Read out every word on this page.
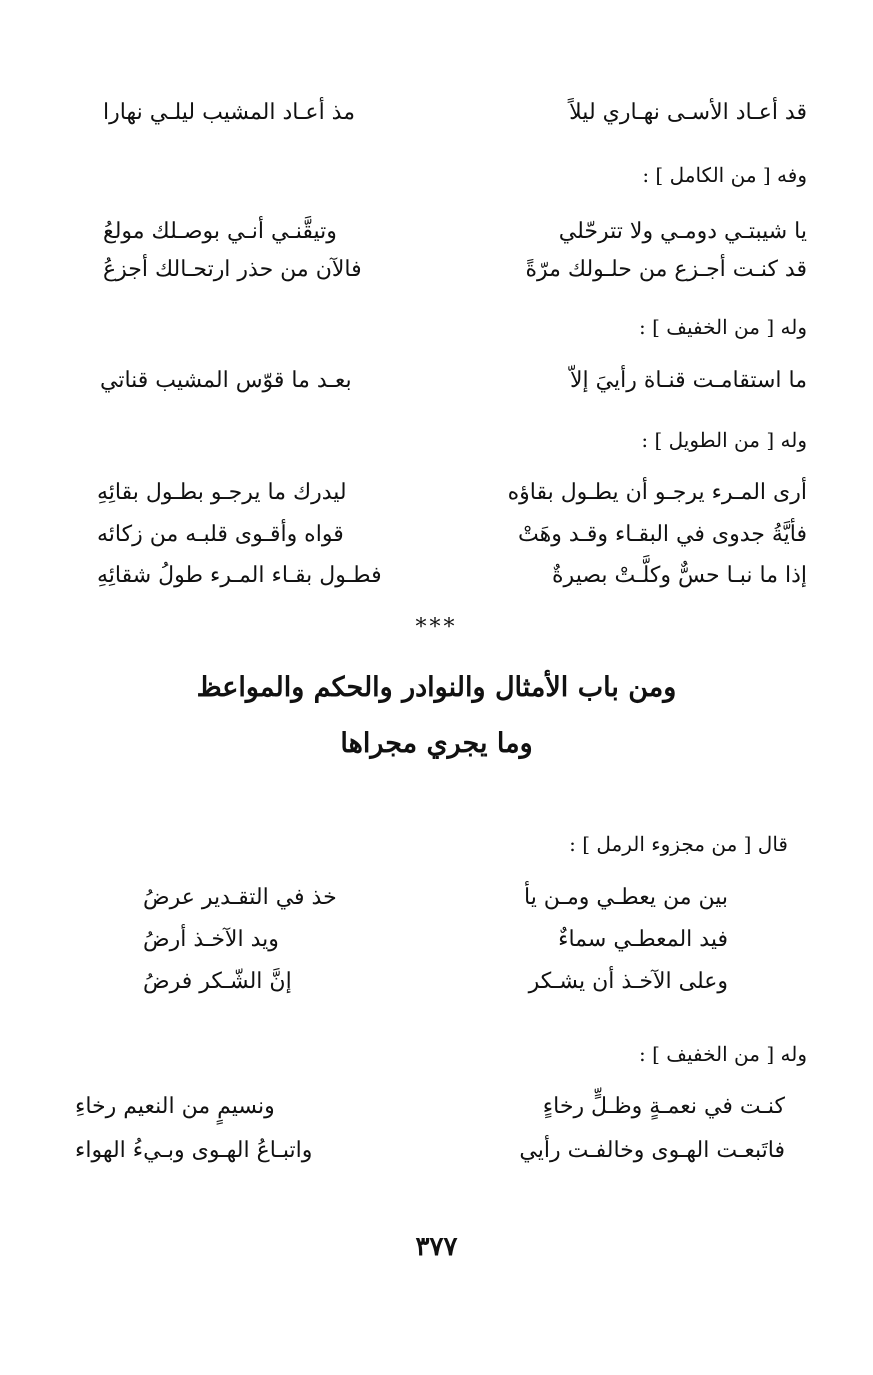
قد أعـاد الأسـى نهـاري ليلاً
مذ أعـاد المشيب ليلـي نهارا
وفه [ من الكامل ] :
يا شيبتـي دومـي ولا تترحّلي
وتيقَّنـي أنـي بوصـلك مولعُ
قد كنـت أجـزع من حلـولك مرّةً
فالآن من حذر ارتحـالك أجزعُ
وله [ من الخفيف ] :
ما استقامـت قنـاة رأييَ إلاّ
بعـد ما قوّس المشيب قناتي
وله [ من الطويل ] :
أرى المـرء يرجـو أن يطـول بقاؤه
ليدرك ما يرجـو بطـول بقائِهِ
فأيَّةُ جدوى في البقـاء وقـد وهَتْ
قواه وأقـوى قلبـه من زكائه
إذا ما نبـا حسٌّ وكلَّـتْ بصيرةٌ
فطـول بقـاء المـرء طولُ شقائِهِ
***
ومن باب الأمثال والنوادر والحكم والمواعظ
وما يجري مجراها
قال [ من مجزوء الرمل ] :
بين من يعطـي ومـن يأ
خذ في التقـدير عرضُ
فيد المعطـي سماءٌ
ويد الآخـذ أرضُ
وعلى الآخـذ أن يشـكر
إنَّ الشّـكر فرضُ
وله [ من الخفيف ] :
كنـت في نعمـةٍ وظـلٍّ رخاءٍ
ونسيمٍ من النعيم رخاءِ
فاتَبعـت الهـوى وخالفـت رأيي
واتبـاعُ الهـوى وبـيءُ الهواء
٣٧٧
